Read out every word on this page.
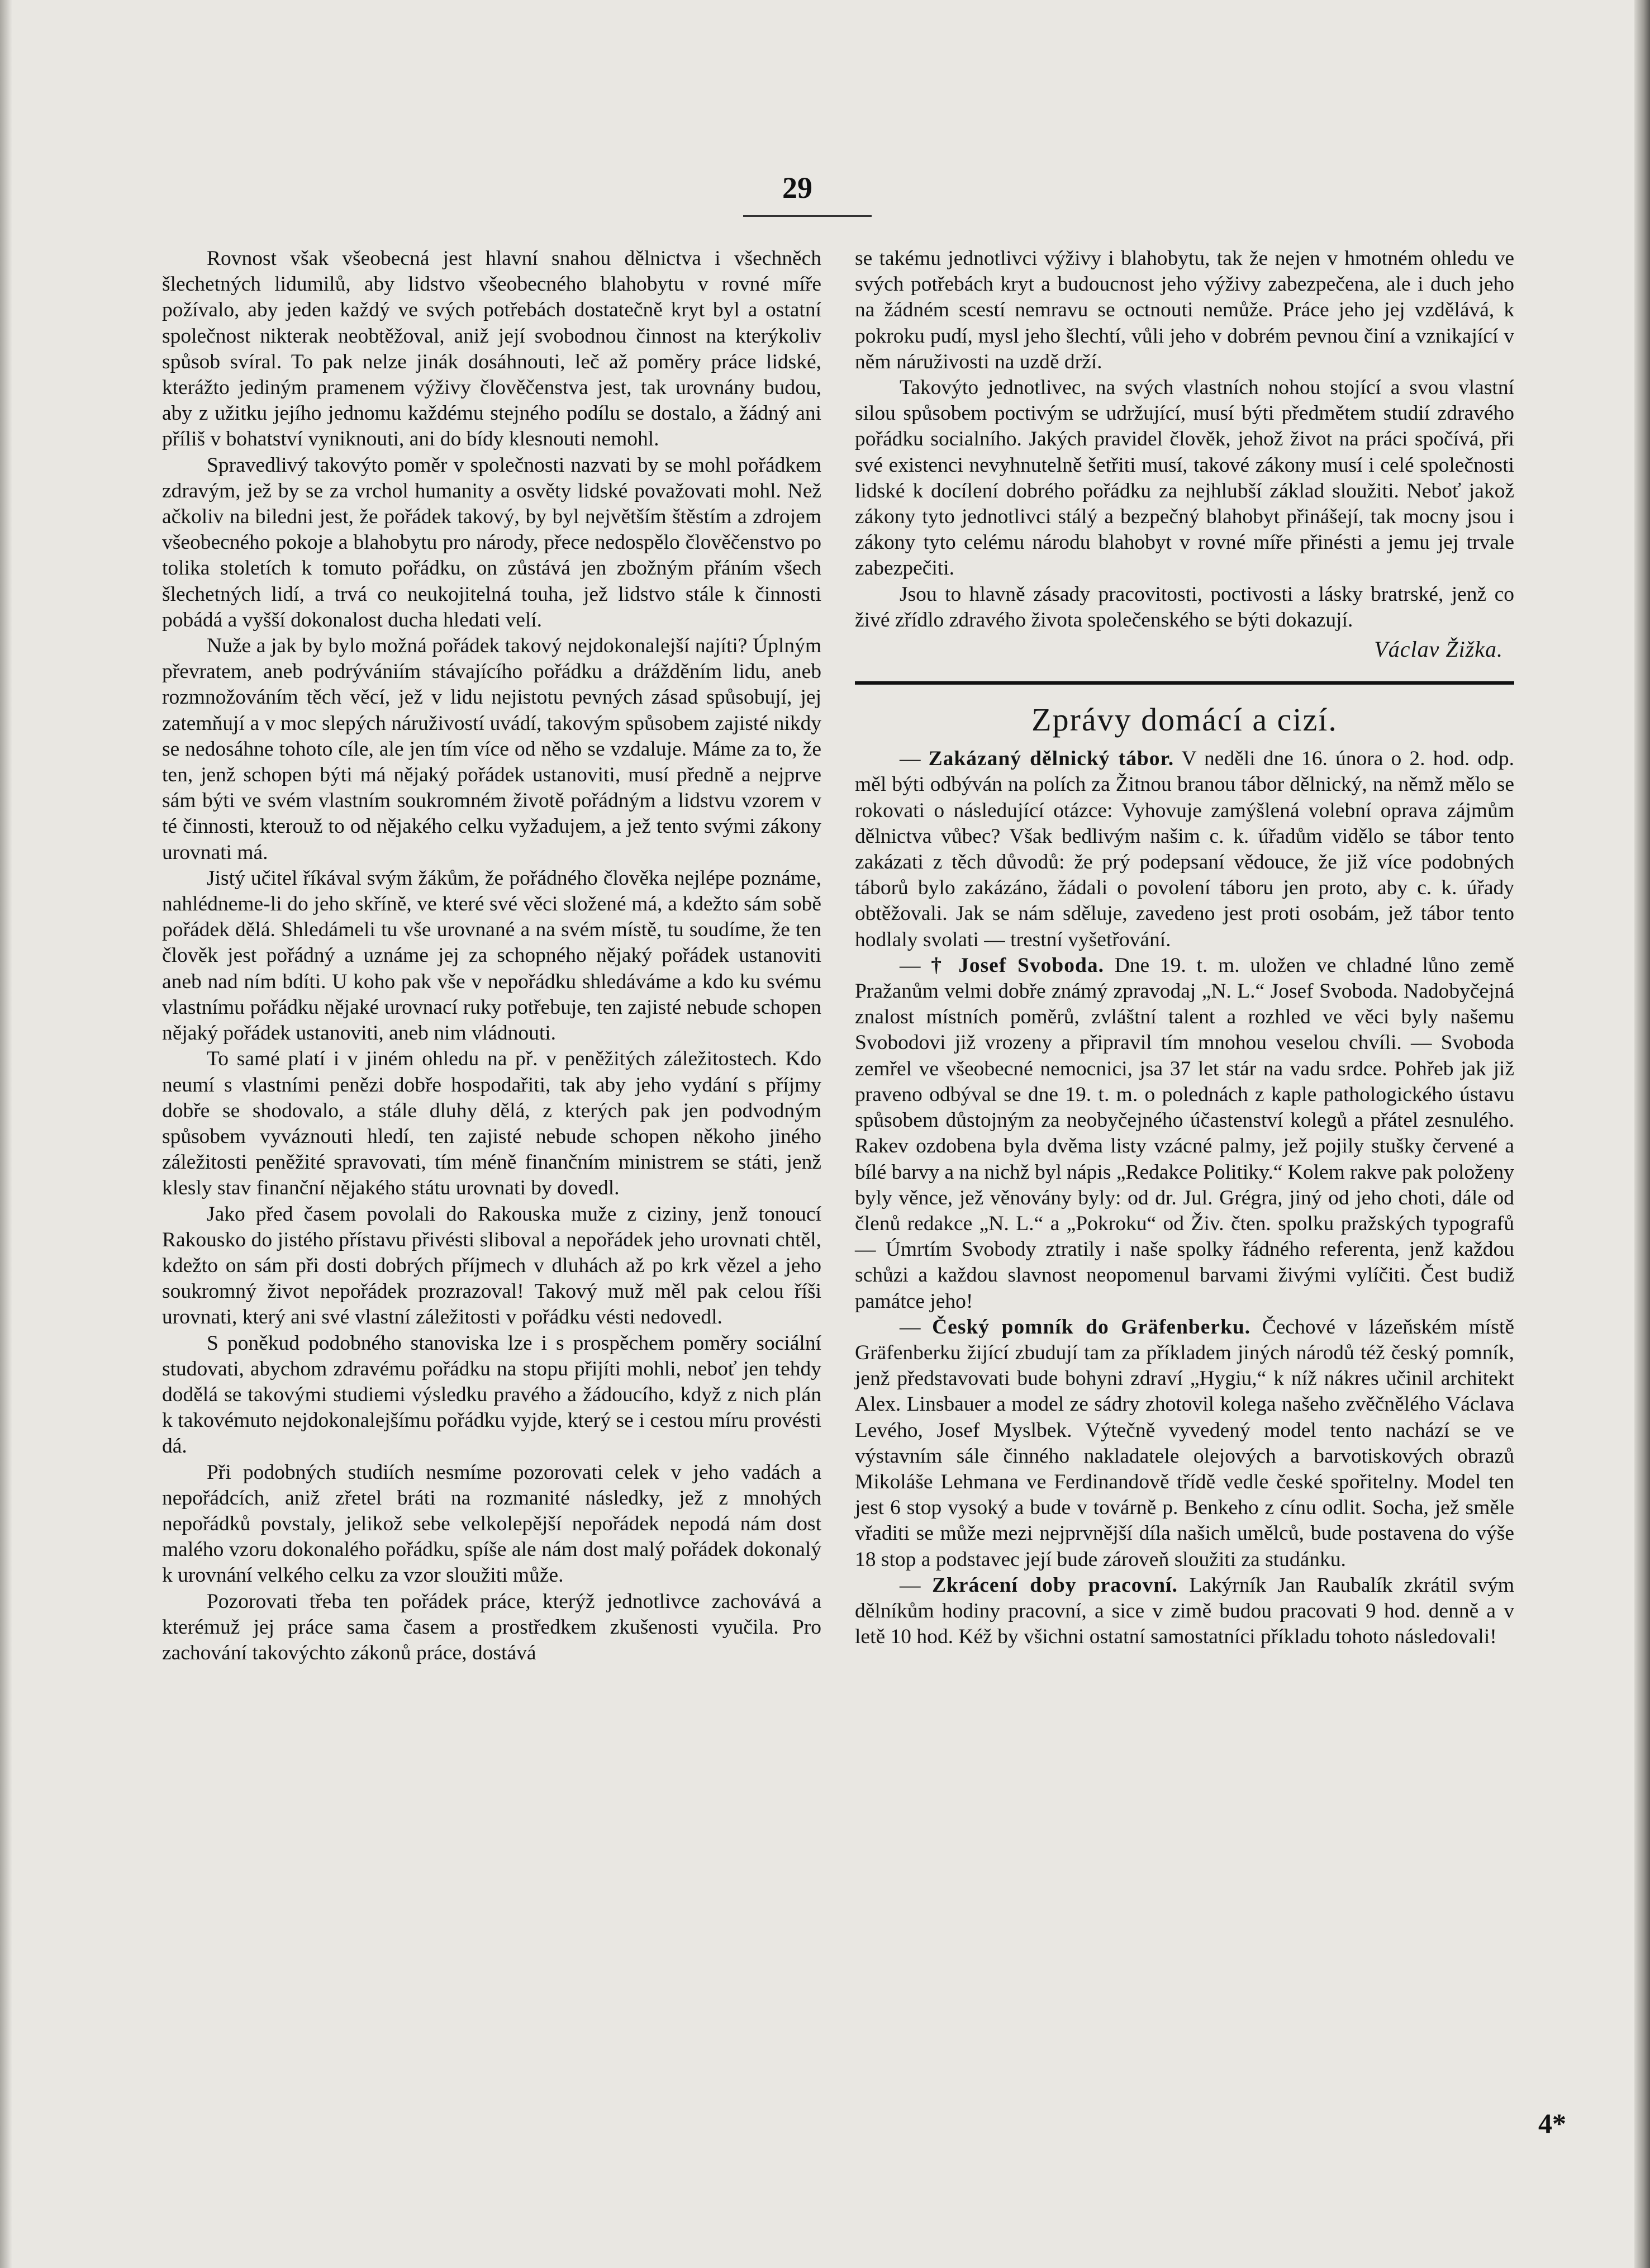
29

Rovnost však všeobecná jest hlavní snahou dělnictva i všechněch šlechetných lidumilů, aby lidstvo všeobecného blahobytu v rovné míře požívalo, aby jeden každý ve svých potřebách dostatečně kryt byl a ostatní společnost nikterak neobtěžoval, aniž její svobodnou činnost na kterýkoliv spůsob svíral. To pak nelze jinák dosáhnouti, leč až poměry práce lidské, kterážto jediným pramenem výživy člověčenstva jest, tak urovnány budou, aby z užitku jejího jednomu každému stejného podílu se dostalo, a žádný ani příliš v bohatství vyniknouti, ani do bídy klesnouti nemohl.

Spravedlivý takovýto poměr v společnosti nazvati by se mohl pořádkem zdravým, jež by se za vrchol humanity a osvěty lidské považovati mohl. Než ačkoliv na biledni jest, že pořádek takový, by byl největším štěstím a zdrojem všeobecného pokoje a blahobytu pro národy, přece nedospělo člověčenstvo po tolika stoletích k tomuto pořádku, on zůstává jen zbožným přáním všech šlechetných lidí, a trvá co neukojitelná touha, jež lidstvo stále k činnosti pobádá a vyšší dokonalost ducha hledati velí.

Nuže a jak by bylo možná pořádek takový nejdokonalejší najíti? Úplným převratem, aneb podrývániím stávajícího pořádku a drážděním lidu, aneb rozmnožováním těch věcí, jež v lidu nejistotu pevných zásad spůsobují, jej zatemňují a v moc slepých náruživostí uvádí, takovým spůsobem zajisté nikdy se nedosáhne tohoto cíle, ale jen tím více od něho se vzdaluje. Máme za to, že ten, jenž schopen býti má nějaký pořádek ustanoviti, musí předně a nejprve sám býti ve svém vlastním soukromném životě pořádným a lidstvu vzorem v té činnosti, kterouž to od nějakého celku vyžadujem, a jež tento svými zákony urovnati má.

Jistý učitel říkával svým žákům, že pořádného člověka nejlépe poznáme, nahlédneme-li do jeho skříně, ve které své věci složené má, a kdežto sám sobě pořádek dělá. Shledámeli tu vše urovnané a na svém místě, tu soudíme, že ten člověk jest pořádný a uznáme jej za schopného nějaký pořádek ustanoviti aneb nad ním bdíti. U koho pak vše v nepořádku shledáváme a kdo ku svému vlastnímu pořádku nějaké urovnací ruky potřebuje, ten zajisté nebude schopen nějaký pořádek ustanoviti, aneb nim vládnouti.

To samé platí i v jiném ohledu na př. v peněžitých záležitostech. Kdo neumí s vlastními penězi dobře hospodařiti, tak aby jeho vydání s příjmy dobře se shodovalo, a stále dluhy dělá, z kterých pak jen podvodným spůsobem vyváznouti hledí, ten zajisté nebude schopen někoho jiného záležitosti peněžité spravovati, tím méně finančním ministrem se státi, jenž klesly stav finanční nějakého státu urovnati by dovedl.

Jako před časem povolali do Rakouska muže z ciziny, jenž tonoucí Rakousko do jistého přístavu přivésti sliboval a nepořádek jeho urovnati chtěl, kdežto on sám při dosti dobrých příjmech v dluhách až po krk vězel a jeho soukromný život nepořádek prozrazoval! Takový muž měl pak celou říši urovnati, který ani své vlastní záležitosti v pořádku vésti nedovedl.

S poněkud podobného stanoviska lze i s prospěchem poměry sociální studovati, abychom zdravému pořádku na stopu přijíti mohli, neboť jen tehdy dodělá se takovými studiemi výsledku pravého a žádoucího, když z nich plán k takovémuto nejdokonalejšímu pořádku vyjde, který se i cestou míru provésti dá.

Při podobných studiích nesmíme pozorovati celek v jeho vadách a nepořádcích, aniž zřetel bráti na rozmanité následky, jež z mnohých nepořádků povstaly, jelikož sebe velkolepější nepořádek nepodá nám dost malého vzoru dokonalého pořádku, spíše ale nám dost malý pořádek dokonalý k urovnání velkého celku za vzor sloužiti může.

Pozorovati třeba ten pořádek práce, kterýž jednotlivce zachovává a kterémuž jej práce sama časem a prostředkem zkušenosti vyučila. Pro zachování takovýchto zákonů práce, dostává

se takému jednotlivci výživy i blahobytu, tak že nejen v hmotném ohledu ve svých potřebách kryt a budoucnost jeho výživy zabezpečena, ale i duch jeho na žádném scestí nemravu se octnouti nemůže. Práce jeho jej vzdělává, k pokroku pudí, mysl jeho šlechtí, vůli jeho v dobrém pevnou činí a vznikající v něm náruživosti na uzdě drží.

Takovýto jednotlivec, na svých vlastních nohou stojící a svou vlastní silou spůsobem poctivým se udržující, musí býti předmětem studií zdravého pořádku socialního. Jakých pravidel člověk, jehož život na práci spočívá, při své existenci nevyhnutelně šetřiti musí, takové zákony musí i celé společnosti lidské k docílení dobrého pořádku za nejhlubší základ sloužiti. Neboť jakož zákony tyto jednotlivci stálý a bezpečný blahobyt přinášejí, tak mocny jsou i zákony tyto celému národu blahobyt v rovné míře přinésti a jemu jej trvale zabezpečiti.

Jsou to hlavně zásady pracovitosti, poctivosti a lásky bratrské, jenž co živé zřídlo zdravého života společenského se býti dokazují.

Václav Žižka.
Zprávy domácí a cizí.

— Zakázaný dělnický tábor. V neděli dne 16. února o 2. hod. odp. měl býti odbýván na polích za Žitnou branou tábor dělnický, na němž mělo se rokovati o následující otázce: Vyhovuje zamýšlená volební oprava zájmům dělnictva vůbec? Však bedlivým našim c. k. úřadům vidělo se tábor tento zakázati z těch důvodů: že prý podepsaní vědouce, že již více podobných táborů bylo zakázáno, žádali o povolení táboru jen proto, aby c. k. úřady obtěžovali. Jak se nám sděluje, zavedeno jest proti osobám, jež tábor tento hodlaly svolati — trestní vyšetřování.

— † Josef Svoboda. Dne 19. t. m. uložen ve chladné lůno země Pražanům velmi dobře známý zpravodaj „N. L.“ Josef Svoboda. Nadobyčejná znalost místních poměrů, zvláštní talent a rozhled ve věci byly našemu Svobodovi již vrozeny a připravil tím mnohou veselou chvíli. — Svoboda zemřel ve všeobecné nemocnici, jsa 37 let stár na vadu srdce. Pohřeb jak již praveno odbýval se dne 19. t. m. o polednách z kaple pathologického ústavu spůsobem důstojným za neobyčejného účastenství kolegů a přátel zesnulého. Rakev ozdobena byla dvěma listy vzácné palmy, jež pojily stušky červené a bílé barvy a na nichž byl nápis „Redakce Politiky.“ Kolem rakve pak položeny byly věnce, jež věnovány byly: od dr. Jul. Grégra, jiný od jeho choti, dále od členů redakce „N. L.“ a „Pokroku“ od Živ. čten. spolku pražských typografů — Úmrtím Svobody ztratily i naše spolky řádného referenta, jenž každou schůzi a každou slavnost neopomenul barvami živými vylíčiti. Čest budiž památce jeho!

— Český pomník do Gräfenberku. Čechové v lázeňském místě Gräfenberku žijící zbudují tam za příkladem jiných národů též český pomník, jenž představovati bude bohyni zdraví „Hygiu,“ k níž nákres učinil architekt Alex. Linsbauer a model ze sádry zhotovil kolega našeho zvěčnělého Václava Levého, Josef Myslbek. Výtečně vyvedený model tento nachází se ve výstavním sále činného nakladatele olejových a barvotiskových obrazů Mikoláše Lehmana ve Ferdinandově třídě vedle české spořitelny. Model ten jest 6 stop vysoký a bude v továrně p. Benkeho z cínu odlit. Socha, jež směle vřaditi se může mezi nejprvnější díla našich umělců, bude postavena do výše 18 stop a podstavec její bude zároveň sloužiti za studánku.

— Zkrácení doby pracovní. Lakýrník Jan Raubalík zkrátil svým dělníkům hodiny pracovní, a sice v zimě budou pracovati 9 hod. denně a v letě 10 hod. Kéž by všichni ostatní samostatníci příkladu tohoto následovali!

4*
